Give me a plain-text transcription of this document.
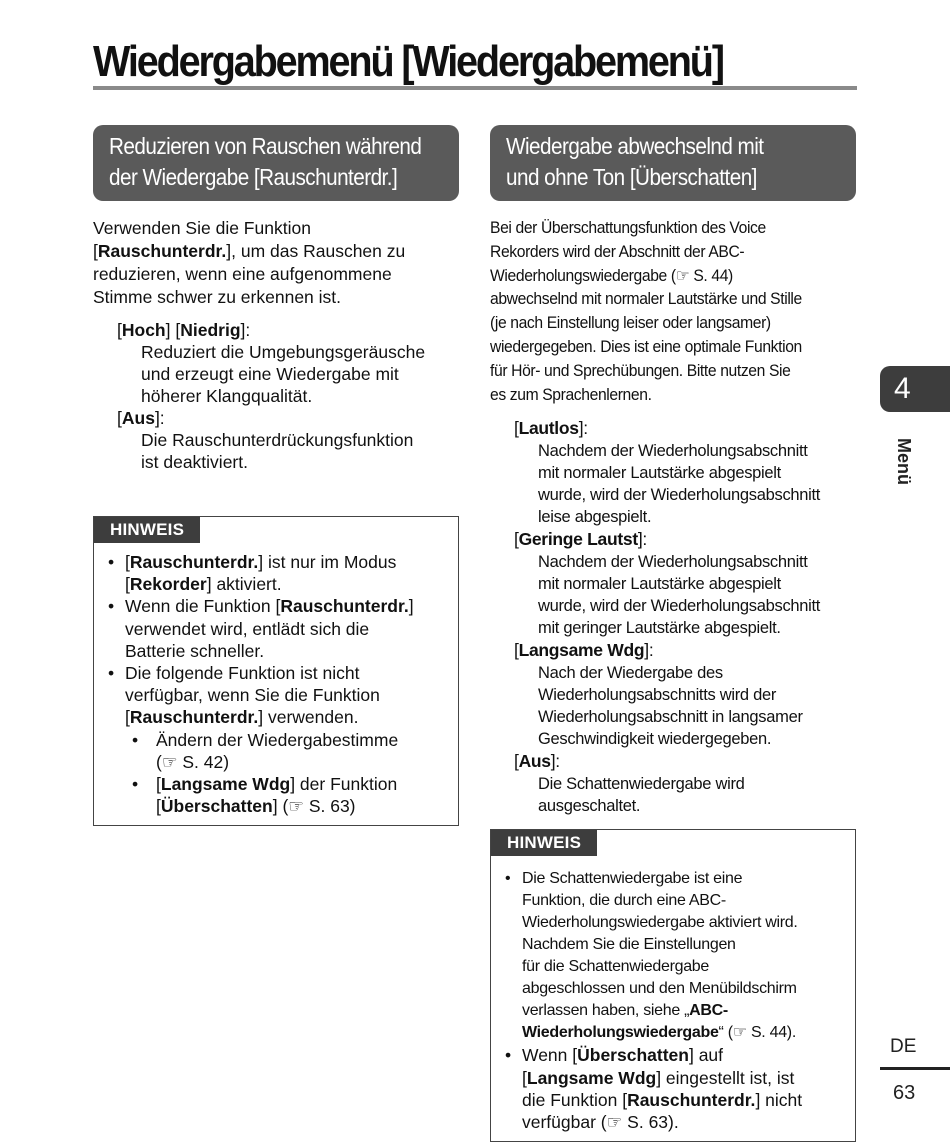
Wiedergabemenü [Wiedergabemenü]
Reduzieren von Rauschen während
der Wiedergabe [Rauschunterdr.]
Verwenden Sie die Funktion
[Rauschunterdr.], um das Rauschen zu
reduzieren, wenn eine aufgenommene
Stimme schwer zu erkennen ist.
[Hoch] [Niedrig]:
Reduziert die Umgebungsgeräusche
und erzeugt eine Wiedergabe mit
höherer Klangqualität.
[Aus]:
Die Rauschunterdrückungsfunktion
ist deaktiviert.
HINWEIS
• [Rauschunterdr.] ist nur im Modus
[Rekorder] aktiviert.
• Wenn die Funktion [Rauschunterdr.]
verwendet wird, entlädt sich die
Batterie schneller.
• Die folgende Funktion ist nicht
verfügbar, wenn Sie die Funktion
[Rauschunterdr.] verwenden.
• Ändern der Wiedergabestimme
(☞ S. 42)
• [Langsame Wdg] der Funktion
[Überschatten] (☞ S. 63)
Wiedergabe abwechselnd mit
und ohne Ton [Überschatten]
Bei der Überschattungsfunktion des Voice
Rekorders wird der Abschnitt der ABC-
Wiederholungswiedergabe (☞ S. 44)
abwechselnd mit normaler Lautstärke und Stille
(je nach Einstellung leiser oder langsamer)
wiedergegeben. Dies ist eine optimale Funktion
für Hör- und Sprechübungen. Bitte nutzen Sie
es zum Sprachenlernen.
[Lautlos]:
Nachdem der Wiederholungsabschnitt
mit normaler Lautstärke abgespielt
wurde, wird der Wiederholungsabschnitt
leise abgespielt.
[Geringe Lautst]:
Nachdem der Wiederholungsabschnitt
mit normaler Lautstärke abgespielt
wurde, wird der Wiederholungsabschnitt
mit geringer Lautstärke abgespielt.
[Langsame Wdg]:
Nach der Wiedergabe des
Wiederholungsabschnitts wird der
Wiederholungsabschnitt in langsamer
Geschwindigkeit wiedergegeben.
[Aus]:
Die Schattenwiedergabe wird
ausgeschaltet.
HINWEIS
• Die Schattenwiedergabe ist eine
Funktion, die durch eine ABC-
Wiederholungswiedergabe aktiviert wird.
Nachdem Sie die Einstellungen
für die Schattenwiedergabe
abgeschlossen und den Menübildschirm
verlassen haben, siehe „ABC-
Wiederholungswiedergabe“ (☞ S. 44).
• Wenn [Überschatten] auf
[Langsame Wdg] eingestellt ist, ist
die Funktion [Rauschunterdr.] nicht
verfügbar (☞ S. 63).
4
Menü
DE
63
